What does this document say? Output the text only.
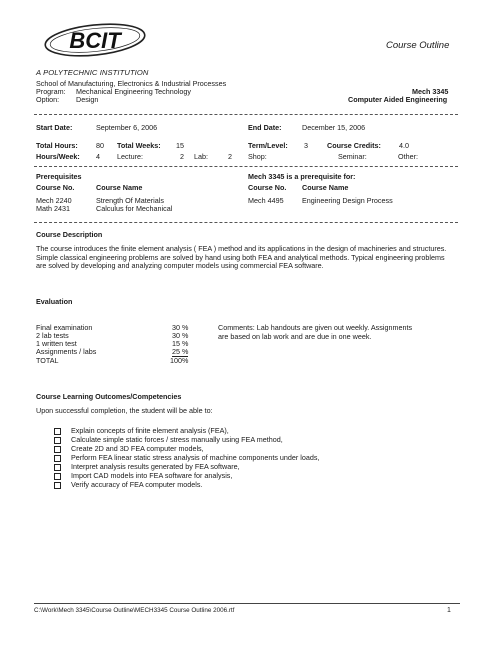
BCIT
A POLYTECHNIC INSTITUTION
Course Outline
School of Manufacturing, Electronics & Industrial Processes
Program: Mechanical Engineering Technology
Option: Design
Mech 3345
Computer Aided Engineering
Start Date:	September 6, 2006	End Date:	December 15, 2006
Total Hours:	80 Total Weeks: 15	Term/Level: 3	Course Credits:	4.0
Hours/Week: 4 Lecture:	2 Lab:	2 Shop:	Seminar:	Other:
Prerequisites
Course No.	Course Name
Mech 2240	Strength Of Materials
Math 2431	Calculus for Mechanical
Mech 3345 is a prerequisite for:
Course No. Course Name
Mech 4495	Engineering Design Process
Course Description
The course introduces the finite element analysis ( FEA ) method and its applications in the design of machineries and structures. Simple classical engineering problems are solved by hand using both FEA and analytical methods. Typical engineering problems are solved by developing and analyzing computer models using commercial FEA software.
Evaluation
Final examination	30 %
2 lab tests	30 %
1 written test	15 %
Assignments / labs	25 %
TOTAL	100%
Comments: Lab handouts are given out weekly. Assignments
are based on lab work and are due in one week.
Course Learning Outcomes/Competencies
Upon successful completion, the student will be able to:
Explain concepts of finite element analysis (FEA),
Calculate simple static forces / stress manually using FEA method,
Create 2D and 3D FEA computer models,
Perform FEA linear static stress analysis of machine components under loads,
Interpret analysis results generated by FEA software,
Import CAD models into FEA software for analysis,
Verify accuracy of FEA computer models.
C:\Work\Mech 3345\Course Outline\MECH3345 Course Outline 2006.rtf	1
